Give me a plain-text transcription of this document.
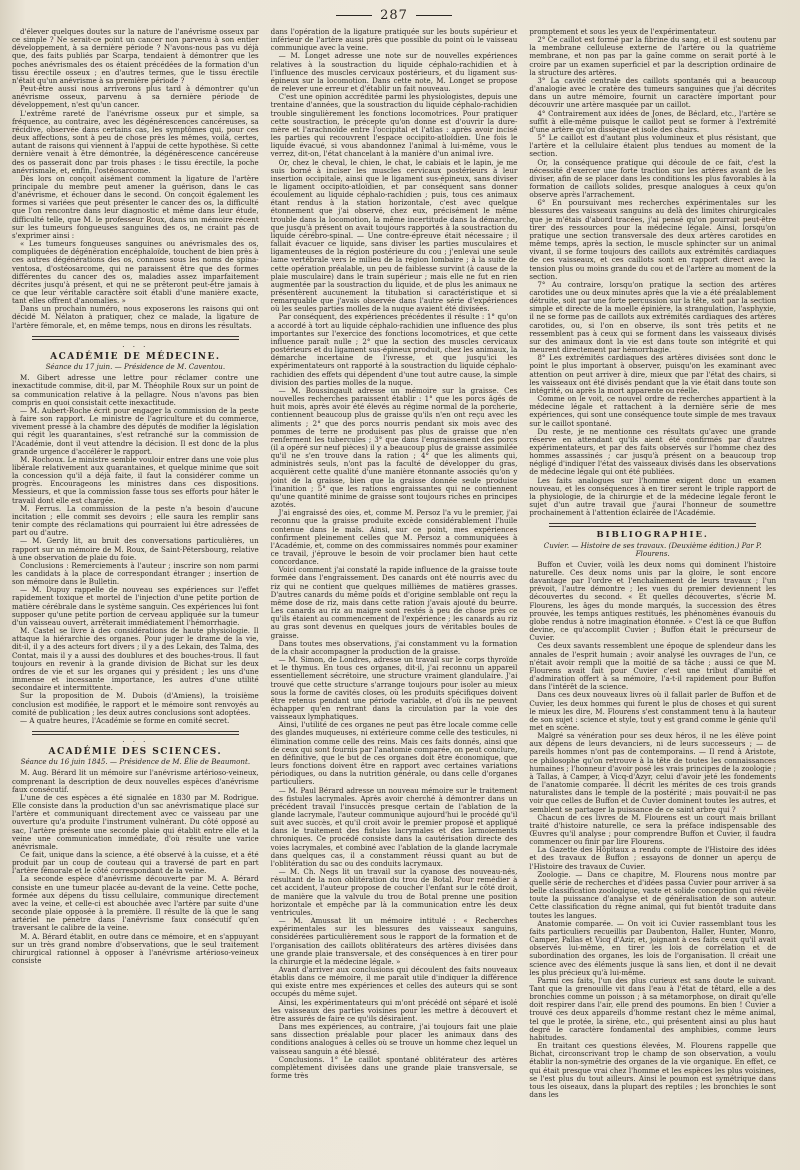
287

d'élever quelques doutes sur la nature de l'anévrisme osseux par ce simple ? Ne serait-ce point un cancer non parvenu à son entier développement, à sa dernière période ? N'avons-nous pas vu déjà que, des faits publiés par Scarpa, tendaient à démontrer que les poches anévrismales des os étaient précédées de la formation d'un tissu érectile osseux ; en d'autres termes, que le tissu érectile n'était qu'un anévrisme à sa première période ?

Peut-être aussi nous arriverons plus tard à démontrer qu'un anévrisme osseux, parvenu à sa dernière période de développement, n'est qu'un cancer.

L'extrême rareté de l'anévrisme osseux pur et simple, sa fréquence, au contraire, avec les dégénérescences cancéreuses, sa récidive, observée dans certains cas, les symptômes qui, pour ces deux affections, sont à peu de chose près les mêmes, voilà, certes, autant de raisons qui viennent à l'appui de cette hypothèse. Si cette dernière venait à être démontrée, la dégénérescence cancéreuse des os passerait donc par trois phases : le tissu érectile, la poche anévrismale, et, enfin, l'ostéosarcome.

Dès lors on conçoit aisément comment la ligature de l'artère principale du membre peut amener la guérison, dans le cas d'anévrisme, et échouer dans le second. On conçoit également les formes si variées que peut présenter le cancer des os, la difficulté que l'on rencontre dans leur diagnostic et même dans leur étude, difficulté telle, que M. le professeur Roux, dans un mémoire récent sur les tumeurs fongueuses sanguines des os, ne craint pas de s'exprimer ainsi :

« Les tumeurs fongueuses sanguines ou anévrismales des os, compliquées de dégénération encéphaloïde, touchent de bien près à ces autres dégénérations des os, connues sous les noms de spina-ventosa, d'ostéosarcome, qui ne paraissent être que des formes différentes du cancer des os, maladies assez imparfaitement décrites jusqu'à présent, et qui ne se prêteront peut-être jamais à ce que leur véritable caractère soit établi d'une manière exacte, tant elles offrent d'anomalies. »

Dans un prochain numéro, nous exposerons les raisons qui ont décidé M. Nélaton à pratiquer, chez ce malade, la ligature de l'artère fémorale, et, en même temps, nous en dirons les résultats.

· · ·
ACADÉMIE DE MÉDECINE.
Séance du 17 juin. — Présidence de M. Caventou.

M. Gibert adresse une lettre pour réclamer contre une inexactitude commise, dit-il, par M. Théophile Roux sur un point de sa communication relative à la pellagre. Nous n'avons pas bien compris en quoi consistait cette inexactitude.

— M. Aubert-Roche écrit pour engager la commission de la peste à faire son rapport. Le ministre de l'agriculture et du commerce, vivement pressé à la chambre des députés de modifier la législation qui régit les quarantaines, s'est retranché sur la commission de l'Académie, dont il veut attendre la décision. Il est donc de la plus grande urgence d'accélérer le rapport.

M. Rochoux. Le ministre semble vouloir entrer dans une voie plus libérale relativement aux quarantaines, et quelque minime que soit la concession qu'il a déjà faite, il faut la considérer comme un progrès. Encourageons les ministres dans ces dispositions. Messieurs, et que la commission fasse tous ses efforts pour hâter le travail dont elle est chargée.

M. Ferrus. La commission de la peste n'a besoin d'aucune incitation ; elle commit ses devoirs ; elle saura les remplir sans tenir compte des réclamations qui pourraient lui être adressées de part ou d'autre.

— M. Gerdy lit, au bruit des conversations particulières, un rapport sur un mémoire de M. Roux, de Saint-Pétersbourg, relative à une observation de plaie du foie.

Conclusions : Remerciements à l'auteur ; inscrire son nom parmi les candidats à la place de correspondant étranger ; insertion de son mémoire dans le Bulletin.

— M. Dupuy rappelle de nouveau ses expériences sur l'effet rapidement toxique et mortel de l'injection d'une petite portion de matière cérébrale dans le système sanguin. Ces expériences lui font supposer qu'une petite portion de cerveau appliquée sur la tumeur d'un vaisseau ouvert, arrêterait immédiatement l'hémorrhagie.

M. Castel se livre à des considérations de haute physiologie. Il attaque la hiérarchie des organes. Pour juger le drame de la vie, dit-il, il y a des acteurs fort divers ; il y a des Lekain, des Talma, des Contat, mais il y a aussi des doublures et des bouches-trous. Il faut toujours en revenir à la grande division de Bichat sur les deux ordres de vie et sur les organes qui y président ; les uns d'une immense et incessante importance, les autres d'une utilité secondaire et intermittente.

Sur la proposition de M. Dubois (d'Amiens), la troisième conclusion est modifiée, le rapport et le mémoire sont renvoyés au comité de publication ; les deux autres conclusions sont adoptées.

— A quatre heures, l'Académie se forme en comité secret.

· · ·
ACADÉMIE DES SCIENCES.
Séance du 16 juin 1845. — Présidence de M. Élie de Beaumont.

M. Aug. Bérard lit un mémoire sur l'anévrisme artérioso-veineux, comprenant la description de deux nouvelles espèces d'anévrisme faux consécutif.

L'une de ces espèces a été signalée en 1830 par M. Rodrigue. Elle consiste dans la production d'un sac anévrismatique placé sur l'artère et communiquant directement avec ce vaisseau par une ouverture qu'a produite l'instrument vulnérant. Du côté opposé au sac, l'artère présente une seconde plaie qui établit entre elle et la veine une communication immédiate, d'où résulte une varice anévrismale.

Ce fait, unique dans la science, a été observé à la cuisse, et a été produit par un coup de couteau qui a traversé de part en part l'artère fémorale et le côté correspondant de la veine.

La seconde espèce d'anévrisme découverte par M. A. Bérard consiste en une tumeur placée au-devant de la veine. Cette poche, formée aux dépens du tissu cellulaire, communique directement avec la veine, et celle-ci est abouchée avec l'artère par suite d'une seconde plaie opposée à la première. Il résulte de là que le sang artériel ne pénètre dans l'anévrisme faux consécutif qu'en traversant le calibre de la veine.

M. A. Bérard établit, en outre dans ce mémoire, et en s'appuyant sur un très grand nombre d'observations, que le seul traitement chirurgical rationnel à opposer à l'anévrisme artérioso-veineux consiste

dans l'opération de la ligature pratiquée sur les bouts supérieur et inférieur de l'artère aussi près que possible du point où le vaisseau communique avec la veine.

— M. Longet adresse une note sur de nouvelles expériences relatives à la soustraction du liquide céphalo-rachidien et à l'influence des muscles cervicaux postérieurs, et du ligament sus-épineux sur la locomotion. Dans cette note, M. Longet se propose de relever une erreur et d'établir un fait nouveau.

C'est une opinion accréditée parmi les physiologistes, depuis une trentaine d'années, que la soustraction du liquide céphalo-rachidien trouble singulièrement les fonctions locomotrices. Pour pratiquer cette soustraction, le précepte qu'on donne est d'ouvrir la dure-mère et l'arachnoïde entre l'occipital et l'atlas : après avoir incisé les parties qui recouvrent l'espace occipito-atloïdien. Une fois le liquide évacué, si vous abandonnez l'animal à lui-même, vous le verrez, dit-on, l'état chancelant à la manière d'un animal ivre.

Or, chez le cheval, le chien, le chat, le cabiais et le lapin, je me suis borné à inciser les muscles cervicaux postérieurs à leur insertion occipitale, ainsi que le ligament sus-épineux, sans diviser le ligament occipito-atloïdien, et par conséquent sans donner écoulement au liquide céphalo-rachidien ; puis, tous ces animaux étant rendus à la station horizontale, c'est avec quelque étonnement que j'ai observé, chez eux, précisément le même trouble dans la locomotion, la même incertitude dans la démarche, que jusqu'à présent on avait toujours rapportés à la soustraction du liquide cérébro-spinal. — Une contre-épreuve était nécessaire ; il fallait évacuer ce liquide, sans diviser les parties musculaires et ligamenteuses de la région postérieure du cou ; j'enlevai une seule lame vertébrale vers le milieu de la région lombaire ; à la suite de cette opération préalable, un peu de faiblesse survint (à cause de la plaie musculaire) dans le train supérieur ; mais elle ne fut en rien augmentée par la soustraction du liquide, et de plus les animaux ne présentèrent aucunement la titubation si caractéristique et si remarquable que j'avais observée dans l'autre série d'expériences où les seules parties molles de la nuque avaient été divisées.

Par conséquent, des expériences précédentes il résulte : 1° qu'on a accordé à tort au liquide céphalo-rachidien une influence des plus importantes sur l'exercice des fonctions locomotrices, et que cette influence paraît nulle ; 2° que la section des muscles cervicaux postérieurs et du ligament sus-épineux produit, chez les animaux, la démarche incertaine de l'ivresse, et que jusqu'ici les expérimentateurs ont rapporté à la soustraction du liquide céphalo-rachidien des effets qui dépendent d'une tout autre cause, la simple division des parties molles de la nuque.

— M. Boussingault adresse un mémoire sur la graisse. Ces nouvelles recherches paraissent établir : 1° que les porcs âgés de huit mois, après avoir été élevés au régime normal de la porcherie, contiennent beaucoup plus de graisse qu'ils n'en ont reçu avec les aliments ; 2° que des porcs nourris pendant six mois avec des pommes de terre ne produisent pas plus de graisse que n'en renferment les tubercules ; 3° que dans l'engraissement des porcs (il a opéré sur neuf pièces) il y a beaucoup plus de graisse assimilée qu'il ne s'en trouve dans la ration ; 4° que les aliments qui, administrés seuls, n'ont pas la faculté de développer du gras, acquièrent cette qualité d'une manière étonnante associés qu'on y joint de la graisse, bien que la graisse donnée seule produise l'inanition ; 5° que les rations engraissantes qui ne contiennent qu'une quantité minime de graisse sont toujours riches en principes azotés.

J'ai engraissé des oies, et, comme M. Persoz l'a vu le premier, j'ai reconnu que la graisse produite excède considérablement l'huile contenue dans le maïs. Ainsi, sur ce point, mes expériences confirment pleinement celles que M. Persoz a communiquées à l'Académie, et, comme on des commissaires nommés pour examiner ce travail, j'éprouve le besoin de voir proclamer bien haut cette concordance.

Voici comment j'ai constaté la rapide influence de la graisse toute formée dans l'engraissement. Des canards ont été nourris avec du riz qui ne contient que quelques millièmes de matières grasses. D'autres canards du même poids et d'origine semblable ont reçu la même dose de riz, mais dans cette ration j'avais ajouté du beurre. Les canards au riz au maigre sont restés à peu de chose près ce qu'ils étaient au commencement de l'expérience ; les canards au riz au gras sont devenus en quelques jours de véritables boules de graisse.

Dans toutes mes observations, j'ai constamment vu la formation de la chair accompagner la production de la graisse.

— M. Simon, de Londres, adresse un travail sur le corps thyroïde et le thymus. En tous ces organes, dit-il, j'ai reconnu un appareil essentiellement sécrétoire, une structure vraiment glandulaire. J'ai trouvé que cette structure s'arrange toujours pour isoler au mieux sous la forme de cavités closes, où les produits spécifiques doivent être retenus pendant une période variable, et d'où ils ne peuvent échapper qu'en rentrant dans la circulation par la voie des vaisseaux lymphatiques.

Ainsi, l'utilité de ces organes ne peut pas être locale comme celle des glandes muqueuses, ni extérieure comme celle des testicules, ni élimination comme celle des reins. Mais ces faits donnés, ainsi que de ceux qui sont fournis par l'anatomie comparée, on peut conclure, en définitive, que le but de ces organes doit être économique, que leurs fonctions doivent être en rapport avec certaines variations périodiques, ou dans la nutrition générale, ou dans celle d'organes particuliers.

— M. Paul Bérard adresse un nouveau mémoire sur le traitement des fistules lacrymales. Après avoir cherché à démontrer dans un précédent travail l'insuccès presque certain de l'ablation de la glande lacrymale, l'auteur communique aujourd'hui le procédé qu'il suit avec succès, et qu'il croit avoir le premier proposé et appliqué dans le traitement des fistules lacrymales et des larmoiements chroniques. Ce procédé consiste dans la cautérisation directe des voies lacrymales, et combiné avec l'ablation de la glande lacrymale dans quelques cas, il a constamment réussi quant au but de l'oblitération du sac ou des conduits lacrymaux.

— M. Ch. Negs lit un travail sur la cyanose des nouveau-nés, résultant de la non oblitération du trou de Botal. Pour remédier à cet accident, l'auteur propose de coucher l'enfant sur le côté droit, de manière que la valvule du trou de Botal prenne une position horizontale et empêche par là la communication entre les deux ventricules.

— M. Amussat lit un mémoire intitulé : « Recherches expérimentales sur les blessures des vaisseaux sanguins, considérées particulièrement sous le rapport de la formation et de l'organisation des caillots oblitérateurs des artères divisées dans une grande plaie transversale, et des conséquences à en tirer pour la chirurgie et la médecine légale. »

Avant d'arriver aux conclusions qui découlent des faits nouveaux établis dans ce mémoire, il me paraît utile d'indiquer la différence qui existe entre mes expériences et celles des auteurs qui se sont occupés du même sujet.

Ainsi, les expérimentateurs qui m'ont précédé ont séparé et isolé les vaisseaux des parties voisines pour les mettre à découvert et être assurés de faire ce qu'ils désiraient.

Dans mes expériences, au contraire, j'ai toujours fait une plaie sans dissection préalable pour placer les animaux dans des conditions analogues à celles où se trouve un homme chez lequel un vaisseau sanguin a été blessé.

Conclusions. 1° Le caillot spontané oblitérateur des artères complètement divisées dans une grande plaie transversale, se forme très

promptement et sous les yeux de l'expérimentateur.

2° Ce caillot est formé par la fibrine du sang, et il est soutenu par la membrane celluleuse externe de l'artère ou la quatrième membrane, et non pas par la gaîne comme on serait porté à le croire par un examen superficiel et par la description ordinaire de la structure des artères.

3° La cavité centrale des caillots spontanés qui a beaucoup d'analogie avec le cratère des tumeurs sanguines que j'ai décrites dans un autre mémoire, fournit un caractère important pour découvrir une artère masquée par un caillot.

4° Contrairement aux idées de Jones, de Béclard, etc., l'artère se suffit à elle-même puisque le caillot peut se former à l'extrémité d'une artère qu'on dissèque et isole des chairs.

5° Le caillot est d'autant plus volumineux et plus résistant, que l'artère et la cellulaire étaient plus tendues au moment de la section.

Or, la conséquence pratique qui découle de ce fait, c'est la nécessité d'exercer une forte traction sur les artères avant de les diviser, afin de se placer dans les conditions les plus favorables à la formation de caillots solides, presque analogues à ceux qu'on observe après l'arrachement.

6° En poursuivant mes recherches expérimentales sur les blessures des vaisseaux sanguins au delà des limites chirurgicales que je m'étais d'abord tracées, j'ai pensé qu'on pourrait peut-être tirer des ressources pour la médecine légale. Ainsi, lorsqu'on pratique une section transversale des deux artères carotides en même temps, après la section, le muscle sphincter sur un animal vivant, il se forme toujours des caillots aux extrémités cardiaques de ces vaisseaux, et ces caillots sont en rapport direct avec la tension plus ou moins grande du cou et de l'artère au moment de la section.

7° Au contraire, lorsqu'on pratique la section des artères carotides une ou deux minutes après que la vie a été préalablement détruite, soit par une forte percussion sur la tête, soit par la section simple et directe de la moelle épinière, la strangulation, l'asphyxie, il ne se forme pas de caillots aux extrémités cardiaques des artères carotides, ou, si l'on en observe, ils sont très petits et ne ressemblent pas à ceux qui se forment dans les vaisseaux divisés sur des animaux dont la vie est dans toute son intégrité et qui meurent directement par hémorrhagie.

8° Les extrémités cardiaques des artères divisées sont donc le point le plus important à observer, puisqu'on les examinant avec attention on peut arriver à dire, mieux que par l'état des chairs, si les vaisseaux ont été divisés pendant que la vie était dans toute son intégrité, ou après la mort apparente ou réelle.

Comme on le voit, ce nouvel ordre de recherches appartient à la médecine légale et rattachent à la dernière série de mes expériences, qui sont une conséquence toute simple de mes travaux sur le caillot spontané.

Du reste, je ne mentionne ces résultats qu'avec une grande réserve en attendant qu'ils aient été confirmés par d'autres expérimentateurs, et par des faits observés sur l'homme chez des hommes assassinés ; car jusqu'à présent on a beaucoup trop négligé d'indiquer l'état des vaisseaux divisés dans les observations de médecine légale qui ont été publiées.

Les faits analogues sur l'homme exigent donc un examen nouveau, et les conséquences à en tirer seront le triple rapport de la physiologie, de la chirurgie et de la médecine légale feront le sujet d'un autre travail que j'aurai l'honneur de soumettre prochainement à l'attention éclairée de l'Académie.

BIBLIOGRAPHIE.
Cuvier. — Histoire de ses travaux. (Deuxième édition.) Par P. Flourens.

Buffon et Cuvier, voilà les deux noms qui dominent l'histoire naturelle. Ces deux noms unis par la gloire, le sont encore davantage par l'ordre et l'enchaînement de leurs travaux ; l'un prévoit, l'autre démontre ; les vues du premier deviennent les découvertes du second. « Et quelles découvertes, s'écrie M. Flourens, les âges du monde marqués, la succession des êtres prouvée, les temps antiques restitués, les phénomènes évanouis du globe rendus à notre imagination étonnée. » C'est là ce que Buffon devine, ce qu'accomplit Cuvier ; Buffon était le précurseur de Cuvier.

Ces deux savants ressemblent une époque de splendeur dans les annales de l'esprit humain ; avoir analysé les ouvrages de l'un, ce n'était avoir rempli que la moitié de sa tâche ; aussi ce que M. Flourens avait fait pour Cuvier c'est une tribut d'amitié et d'admiration offert à sa mémoire, l'a-t-il rapidement pour Buffon dans l'intérêt de la science.

Dans ces deux nouveaux livres où il fallait parler de Buffon et de Cuvier, les deux hommes qui furent le plus de choses et qui surent le mieux les dire, M. Flourens s'est constamment tenu à la hauteur de son sujet : science et style, tout y est grand comme le génie qu'il met en scène.

Malgré sa vénération pour ses deux héros, il ne les élève point aux dépens de leurs devanciers, ni de leurs successeurs ; — de pareils hommes n'ont pas de contemporains. — Il rend à Aristote, ce philosophe qu'on retrouve à la tête de toutes les connaissances humaines ; l'honneur d'avoir posé les vrais principes de la zoologie ; à Tallas, à Camper, à Vicq-d'Azyr, celui d'avoir jeté les fondements de l'anatomie comparée. Il décrit les mérites de ces trois grands naturalistes dans le temple de la postérité ; mais pouvait-il ne pas voir que celles de Buffon et de Cuvier dominent toutes les autres, et semblent se partager la puissance de ce saint arbre qui ?

Chacun de ces livres de M. Flourens est un court mais brillant traité d'histoire naturelle, ce sera la préface indispensable des Œuvres qu'il analyse ; pour comprendre Buffon et Cuvier, il faudra commencer ou finir par lire Flourens.

La Gazette des Hôpitaux a rendu compte de l'Histoire des idées et des travaux de Buffon ; essayons de donner un aperçu de l'Histoire des travaux de Cuvier.

Zoologie. — Dans ce chapitre, M. Flourens nous montre par quelle série de recherches et d'idées passa Cuvier pour arriver à sa belle classification zoologique, vaste et solide conception qui révèle toute la puissance d'analyse et de généralisation de son auteur. Cette classification du règne animal, qui fut bientôt traduite dans toutes les langues.

Anatomie comparée. — On voit ici Cuvier rassemblant tous les faits particuliers recueillis par Daubenton, Haller, Hunter, Monro, Camper, Pallas et Vicq d'Azir, et, joignant à ces faits ceux qu'il avait observés lui-même, en tirer les lois de corrélation et de subordination des organes, les lois de l'organisation. Il créait une science avec des éléments jusque là sans lien, et dont il ne devait les plus précieux qu'à lui-même.

Parmi ces faits, l'un des plus curieux est sans doute le suivant. Tant que la grenouille vit dans l'eau à l'état de têtard, elle a des bronchies comme un poisson ; à sa métamorphose, on dirait qu'elle doit respirer dans l'air, elle prend des poumons. En bien ! Cuvier a trouvé ces deux appareils d'homme restant chez le même animal, tel que le protée, la sirène, etc., qui présentent ainsi au plus haut degré le caractère fondamental des amphibies, comme leurs habitudes.

En traitant ces questions élevées, M. Flourens rappelle que Bichat, circonscrivant trop le champ de son observation, a voulu établir la non-symétrie des organes de la vie organique. En effet, ce qui était presque vrai chez l'homme et les espèces les plus voisines, se l'est plus du tout ailleurs. Ainsi le poumon est symétrique dans tous les oiseaux, dans la plupart des reptiles ; les bronchies le sont dans les
